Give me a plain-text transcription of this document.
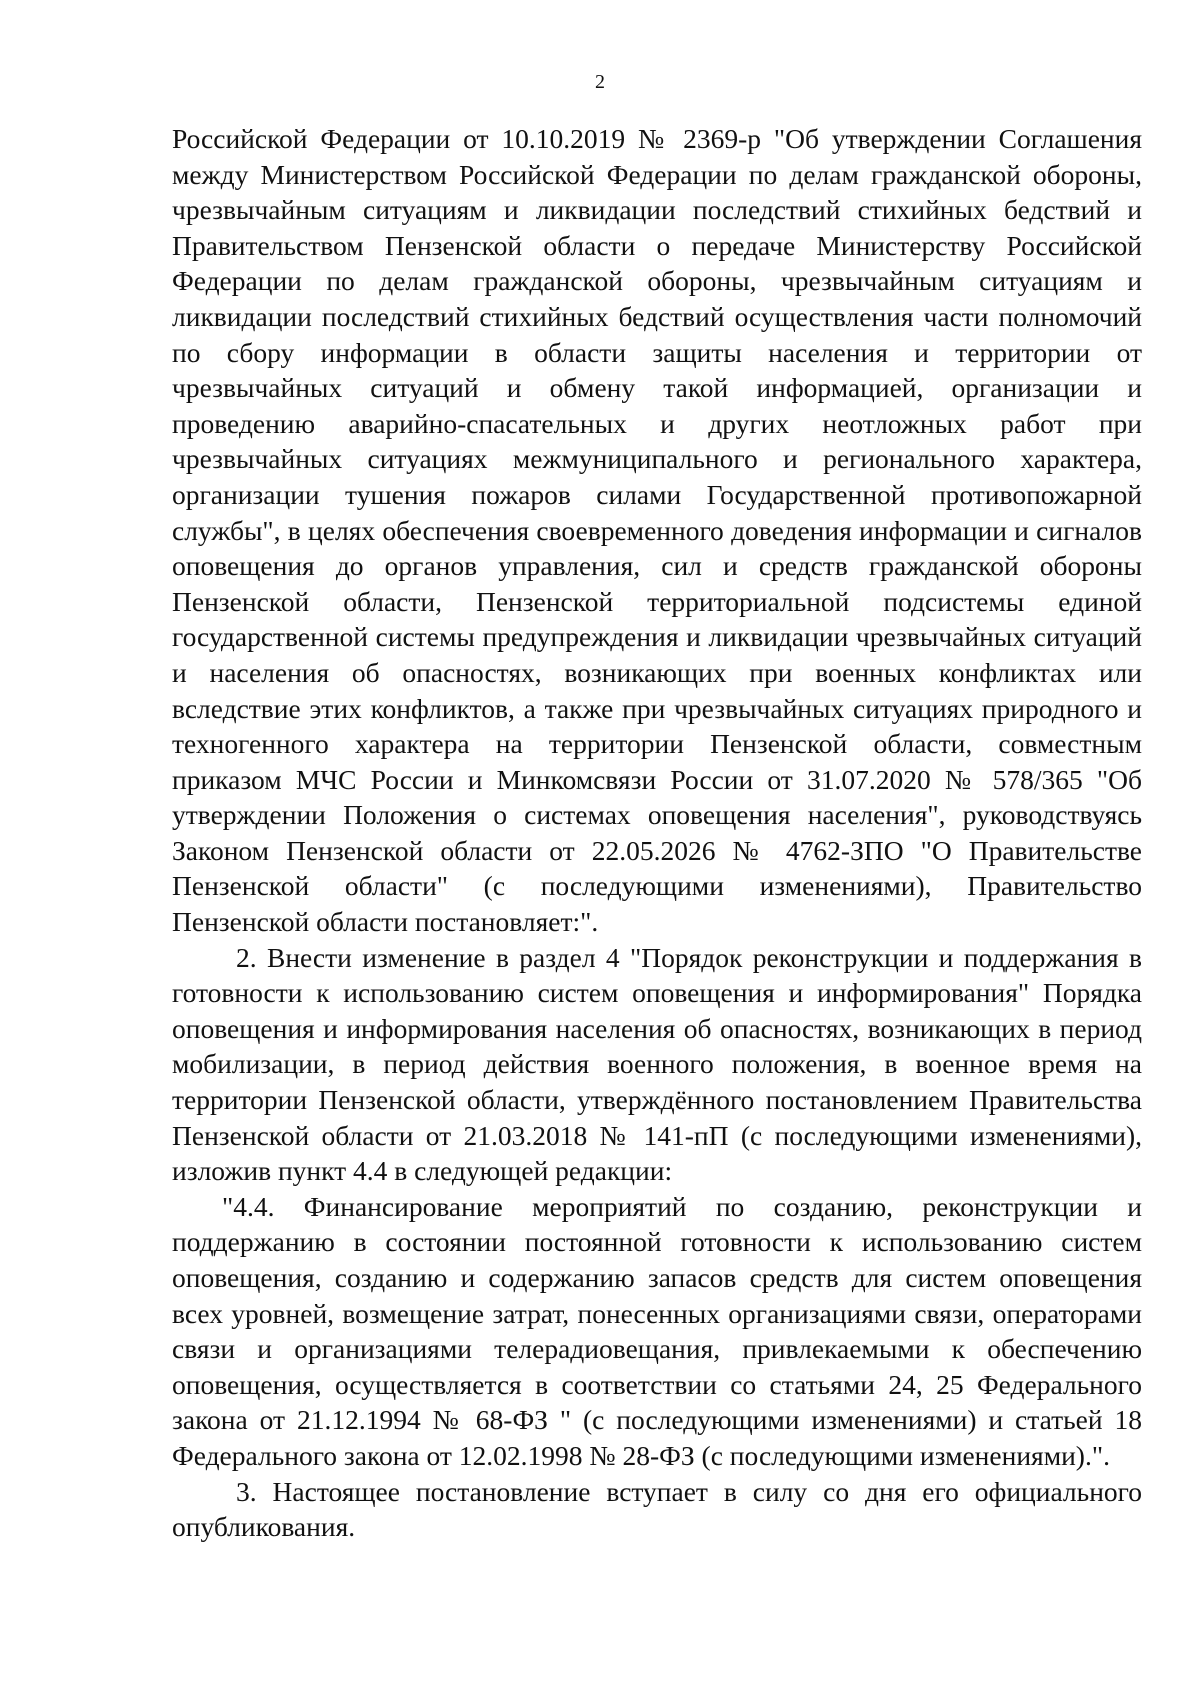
2

Российской Федерации от 10.10.2019 № 2369-р "Об утверждении Соглашения между Министерством Российской Федерации по делам гражданской обороны, чрезвычайным ситуациям и ликвидации последствий стихийных бедствий и Правительством Пензенской области о передаче Министерству Российской Федерации по делам гражданской обороны, чрезвычайным ситуациям и ликвидации последствий стихийных бедствий осуществления части полномочий по сбору информации в области защиты населения и территории от чрезвычайных ситуаций и обмену такой информацией, организации и проведению аварийно-спасательных и других неотложных работ при чрезвычайных ситуациях межмуниципального и регионального характера, организации тушения пожаров силами Государственной противопожарной службы", в целях обеспечения своевременного доведения информации и сигналов оповещения до органов управления, сил и средств гражданской обороны Пензенской области, Пензенской территориальной подсистемы единой государственной системы предупреждения и ликвидации чрезвычайных ситуаций и населения об опасностях, возникающих при военных конфликтах или вследствие этих конфликтов, а также при чрезвычайных ситуациях природного и техногенного характера на территории Пензенской области, совместным приказом МЧС России и Минкомсвязи России от 31.07.2020 № 578/365 "Об утверждении Положения о системах оповещения населения", руководствуясь Законом Пензенской области от 22.05.2026 № 4762-ЗПО "О Правительстве Пензенской области" (с последующими изменениями), Правительство Пензенской области постановляет:".

2. Внести изменение в раздел 4 "Порядок реконструкции и поддержания в готовности к использованию систем оповещения и информирования" Порядка оповещения и информирования населения об опасностях, возникающих в период мобилизации, в период действия военного положения, в военное время на территории Пензенской области, утверждённого постановлением Правительства Пензенской области от 21.03.2018 № 141-пП (с последующими изменениями), изложив пункт 4.4 в следующей редакции:

"4.4. Финансирование мероприятий по созданию, реконструкции и поддержанию в состоянии постоянной готовности к использованию систем оповещения, созданию и содержанию запасов средств для систем оповещения всех уровней, возмещение затрат, понесенных организациями связи, операторами связи и организациями телерадиовещания, привлекаемыми к обеспечению оповещения, осуществляется в соответствии со статьями 24, 25 Федерального закона от 21.12.1994 № 68-ФЗ " (с последующими изменениями) и статьей 18 Федерального закона от 12.02.1998 № 28-ФЗ (с последующими изменениями).".

3. Настоящее постановление вступает в силу со дня его официального опубликования.
